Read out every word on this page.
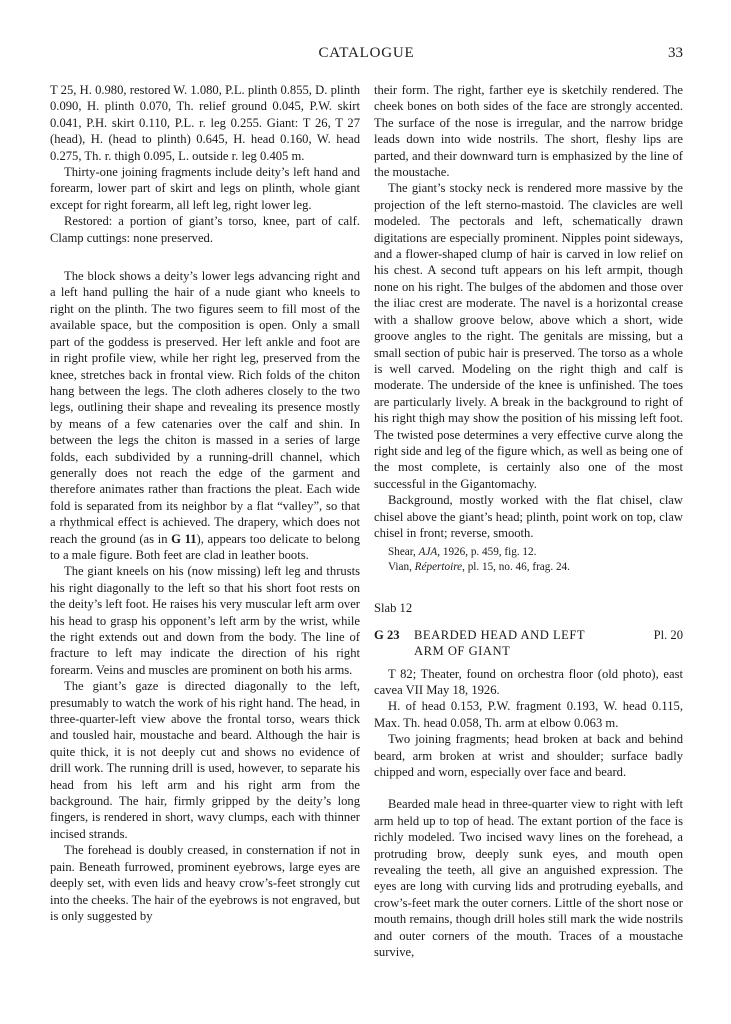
CATALOGUE	33

T 25, H. 0.980, restored W. 1.080, P.L. plinth 0.855, D. plinth 0.090, H. plinth 0.070, Th. relief ground 0.045, P.W. skirt 0.041, P.H. skirt 0.110, P.L. r. leg 0.255. Giant: T 26, T 27 (head), H. (head to plinth) 0.645, H. head 0.160, W. head 0.275, Th. r. thigh 0.095, L. outside r. leg 0.405 m.

Thirty-one joining fragments include deity’s left hand and forearm, lower part of skirt and legs on plinth, whole giant except for right forearm, all left leg, right lower leg.

Restored: a portion of giant’s torso, knee, part of calf. Clamp cuttings: none preserved.

The block shows a deity’s lower legs advancing right and a left hand pulling the hair of a nude giant who kneels to right on the plinth. The two figures seem to fill most of the available space, but the composition is open. Only a small part of the goddess is preserved. Her left ankle and foot are in right profile view, while her right leg, preserved from the knee, stretches back in frontal view. Rich folds of the chiton hang between the legs. The cloth adheres closely to the two legs, outlining their shape and revealing its presence mostly by means of a few catenaries over the calf and shin. In between the legs the chiton is massed in a series of large folds, each subdivided by a running-drill channel, which generally does not reach the edge of the garment and therefore animates rather than fractions the pleat. Each wide fold is separated from its neighbor by a flat “valley”, so that a rhythmical effect is achieved. The drapery, which does not reach the ground (as in G 11), appears too delicate to belong to a male figure. Both feet are clad in leather boots.

The giant kneels on his (now missing) left leg and thrusts his right diagonally to the left so that his short foot rests on the deity’s left foot. He raises his very muscular left arm over his head to grasp his opponent’s left arm by the wrist, while the right extends out and down from the body. The line of fracture to left may indicate the direction of his right forearm. Veins and muscles are prominent on both his arms.

The giant’s gaze is directed diagonally to the left, presumably to watch the work of his right hand. The head, in three-quarter-left view above the frontal torso, wears thick and tousled hair, moustache and beard. Although the hair is quite thick, it is not deeply cut and shows no evidence of drill work. The running drill is used, however, to separate his head from his left arm and his right arm from the background. The hair, firmly gripped by the deity’s long fingers, is rendered in short, wavy clumps, each with thinner incised strands.

The forehead is doubly creased, in consternation if not in pain. Beneath furrowed, prominent eyebrows, large eyes are deeply set, with even lids and heavy crow’s-feet strongly cut into the cheeks. The hair of the eyebrows is not engraved, but is only suggested by

their form. The right, farther eye is sketchily rendered. The cheek bones on both sides of the face are strongly accented. The surface of the nose is irregular, and the narrow bridge leads down into wide nostrils. The short, fleshy lips are parted, and their downward turn is emphasized by the line of the moustache.

The giant’s stocky neck is rendered more massive by the projection of the left sterno-mastoid. The clavicles are well modeled. The pectorals and left, schematically drawn digitations are especially prominent. Nipples point sideways, and a flower-shaped clump of hair is carved in low relief on his chest. A second tuft appears on his left armpit, though none on his right. The bulges of the abdomen and those over the iliac crest are moderate. The navel is a horizontal crease with a shallow groove below, above which a short, wide groove angles to the right. The genitals are missing, but a small section of pubic hair is preserved. The torso as a whole is well carved. Modeling on the right thigh and calf is moderate. The underside of the knee is unfinished. The toes are particularly lively. A break in the background to right of his right thigh may show the position of his missing left foot. The twisted pose determines a very effective curve along the right side and leg of the figure which, as well as being one of the most complete, is certainly also one of the most successful in the Gigantomachy.

Background, mostly worked with the flat chisel, claw chisel above the giant’s head; plinth, point work on top, claw chisel in front; reverse, smooth.

Shear, AJA, 1926, p. 459, fig. 12.
Vian, Répertoire, pl. 15, no. 46, frag. 24.
Slab 12
G 23 BEARDED HEAD AND LEFT	Pl. 20
ARM OF GIANT

T 82; Theater, found on orchestra floor (old photo), east cavea VII May 18, 1926.

H. of head 0.153, P.W. fragment 0.193, W. head 0.115, Max. Th. head 0.058, Th. arm at elbow 0.063 m.

Two joining fragments; head broken at back and behind beard, arm broken at wrist and shoulder; surface badly chipped and worn, especially over face and beard.

Bearded male head in three-quarter view to right with left arm held up to top of head. The extant portion of the face is richly modeled. Two incised wavy lines on the forehead, a protruding brow, deeply sunk eyes, and mouth open revealing the teeth, all give an anguished expression. The eyes are long with curving lids and protruding eyeballs, and crow’s-feet mark the outer corners. Little of the short nose or mouth remains, though drill holes still mark the wide nostrils and outer corners of the mouth. Traces of a moustache survive,
